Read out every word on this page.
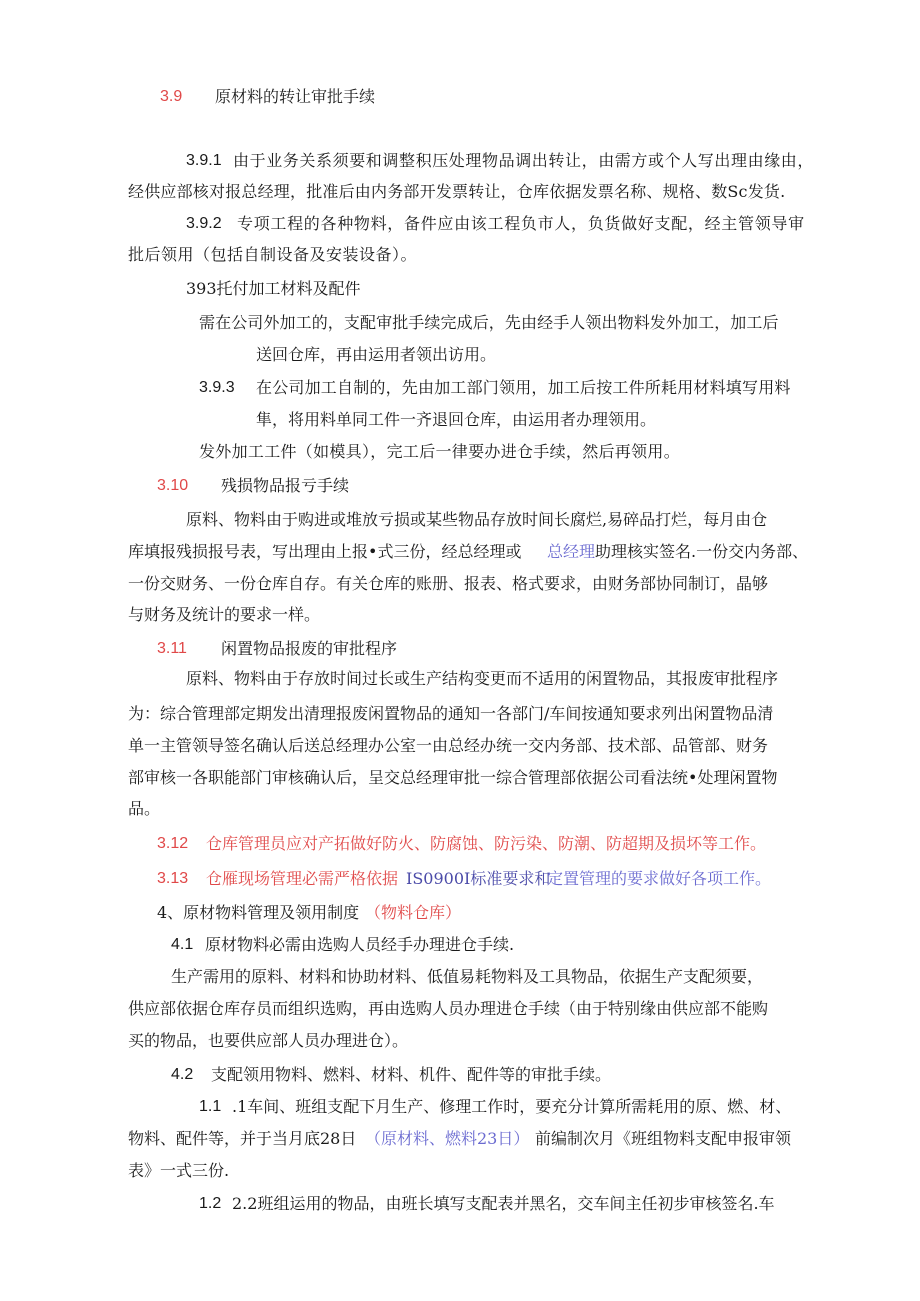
3.9 原材料的转让审批手续
3.9.1 由于业务关系须要和调整积压处理物品调出转让，由需方或个人写出理由缘由，
经供应部核对报总经理，批准后由内务部开发票转让，仓库依据发票名称、规格、数Sc发货.
3.9.2 专项工程的各种物料，备件应由该工程负市人，负货做好支配，经主管领导审
批后领用（包括自制设备及安装设备）。
393托付加工材料及配件
需在公司外加工的，支配审批手续完成后，先由经手人领出物料发外加工，加工后
送回仓库，再由运用者领出访用。
3.9.3 在公司加工自制的，先由加工部门领用，加工后按工件所耗用材料填写用料
隼，将用料单同工件一齐退回仓库，由运用者办理领用。
发外加工工件（如模具），完工后一律要办进仓手续，然后再领用。
3.10 残损物品报亏手续
原料、物料由于购进或堆放亏损或某些物品存放时间长腐烂,易碎品打烂，每月由仓
库填报残损报号表，写出理由上报•式三份，经总经理或 总经理 助理核实签名.一份交内务部、
一份交财务、一份仓库自存。有关仓库的账册、报表、格式要求，由财务部协同制订，晶够
与财务及统计的要求一样。
3.11 闲置物品报废的审批程序
原料、物料由于存放时间过长或生产结构变更而不适用的闲置物品，其报废审批程序
为：综合管理部定期发出清理报废闲置物品的通知一各部门/车间按通知要求列出闲置物品清
单一主管领导签名确认后送总经理办公室一由总经办统一交内务部、技术部、品管部、财务
部审核一各职能部门审核确认后，呈交总经理审批一综合管理部依据公司看法统•处理闲置物
品。
3.12 仓库管理员应对产拓做好防火、防腐蚀、防污染、防潮、防超期及损坏等工作。
3.13 仓雁现场管理必需严格依据 IS0900I标准要求和
定置管理的要求做好各项工作。
4、原材物料管理及领用制度 （物料仓库）
4.1 原材物料必需由选购人员经手办理进仓手续.
生产需用的原料、材料和协助材料、低值易耗物料及工具物品，依据生产支配须要，
供应部依据仓库存员而组织选购，再由选购人员办理进仓手续（由于特别缘由供应部不能购
买的物品，也要供应部人员办理进仓）。
4.2 支配领用物料、燃料、材料、机件、配件等的审批手续。
1.1 .1车间、班组支配下月生产、修理工作时，要充分计算所需耗用的原、燃、材、
物料、配件等，并于当月底28日 （原材料、燃料23日） 前编制次月《班组物料支配申报审领
表》一式三份.
1.2 2.2班组运用的物品，由班长填写支配表并黑名，交车间主任初步审核签名.车
